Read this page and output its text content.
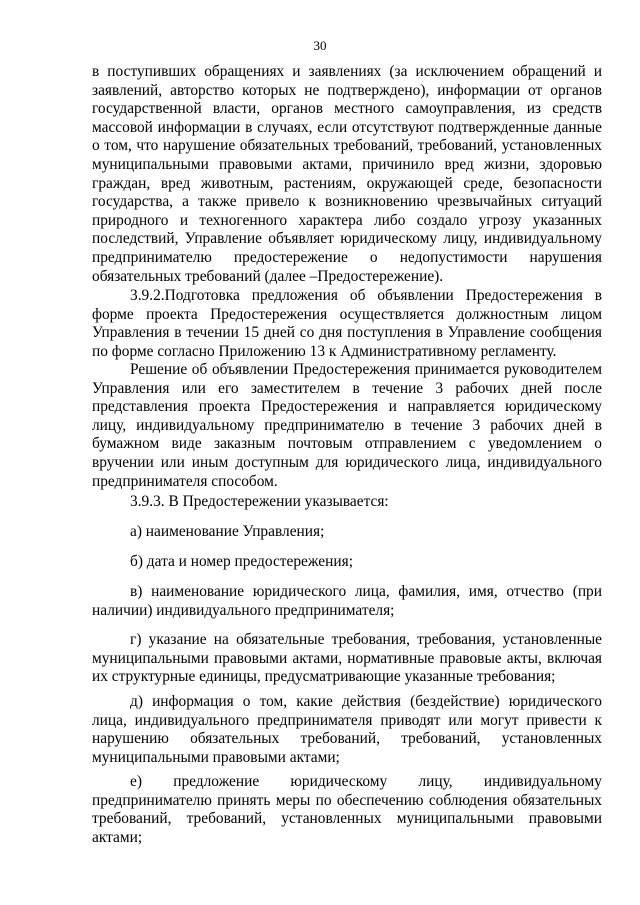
30

в поступивших обращениях и заявлениях (за исключением обращений и заявлений, авторство которых не подтверждено), информации от органов государственной власти, органов местного самоуправления, из средств массовой информации в случаях, если отсутствуют подтвержденные данные о том, что нарушение обязательных требований, требований, установленных муниципальными правовыми актами, причинило вред жизни, здоровью граждан, вред животным, растениям, окружающей среде, безопасности государства, а также привело к возникновению чрезвычайных ситуаций природного и техногенного характера либо создало угрозу указанных последствий, Управление объявляет юридическому лицу, индивидуальному предпринимателю предостережение о недопустимости нарушения обязательных требований (далее –Предостережение).

3.9.2.Подготовка предложения об объявлении Предостережения в форме проекта Предостережения осуществляется должностным лицом Управления в течении 15 дней со дня поступления в Управление сообщения по форме согласно Приложению 13 к Административному регламенту.

Решение об объявлении Предостережения принимается руководителем Управления или его заместителем в течение 3 рабочих дней после представления проекта Предостережения и направляется юридическому лицу, индивидуальному предпринимателю в течение 3 рабочих дней в бумажном виде заказным почтовым отправлением с уведомлением о вручении или иным доступным для юридического лица, индивидуального предпринимателя способом.

3.9.3. В Предостережении указывается:

а) наименование Управления;

б) дата и номер предостережения;

в) наименование юридического лица, фамилия, имя, отчество (при наличии) индивидуального предпринимателя;

г) указание на обязательные требования, требования, установленные муниципальными правовыми актами, нормативные правовые акты, включая их структурные единицы, предусматривающие указанные требования;

д) информация о том, какие действия (бездействие) юридического лица, индивидуального предпринимателя приводят или могут привести к нарушению обязательных требований, требований, установленных муниципальными правовыми актами;

е) предложение юридическому лицу, индивидуальному предпринимателю принять меры по обеспечению соблюдения обязательных требований, требований, установленных муниципальными правовыми актами;
